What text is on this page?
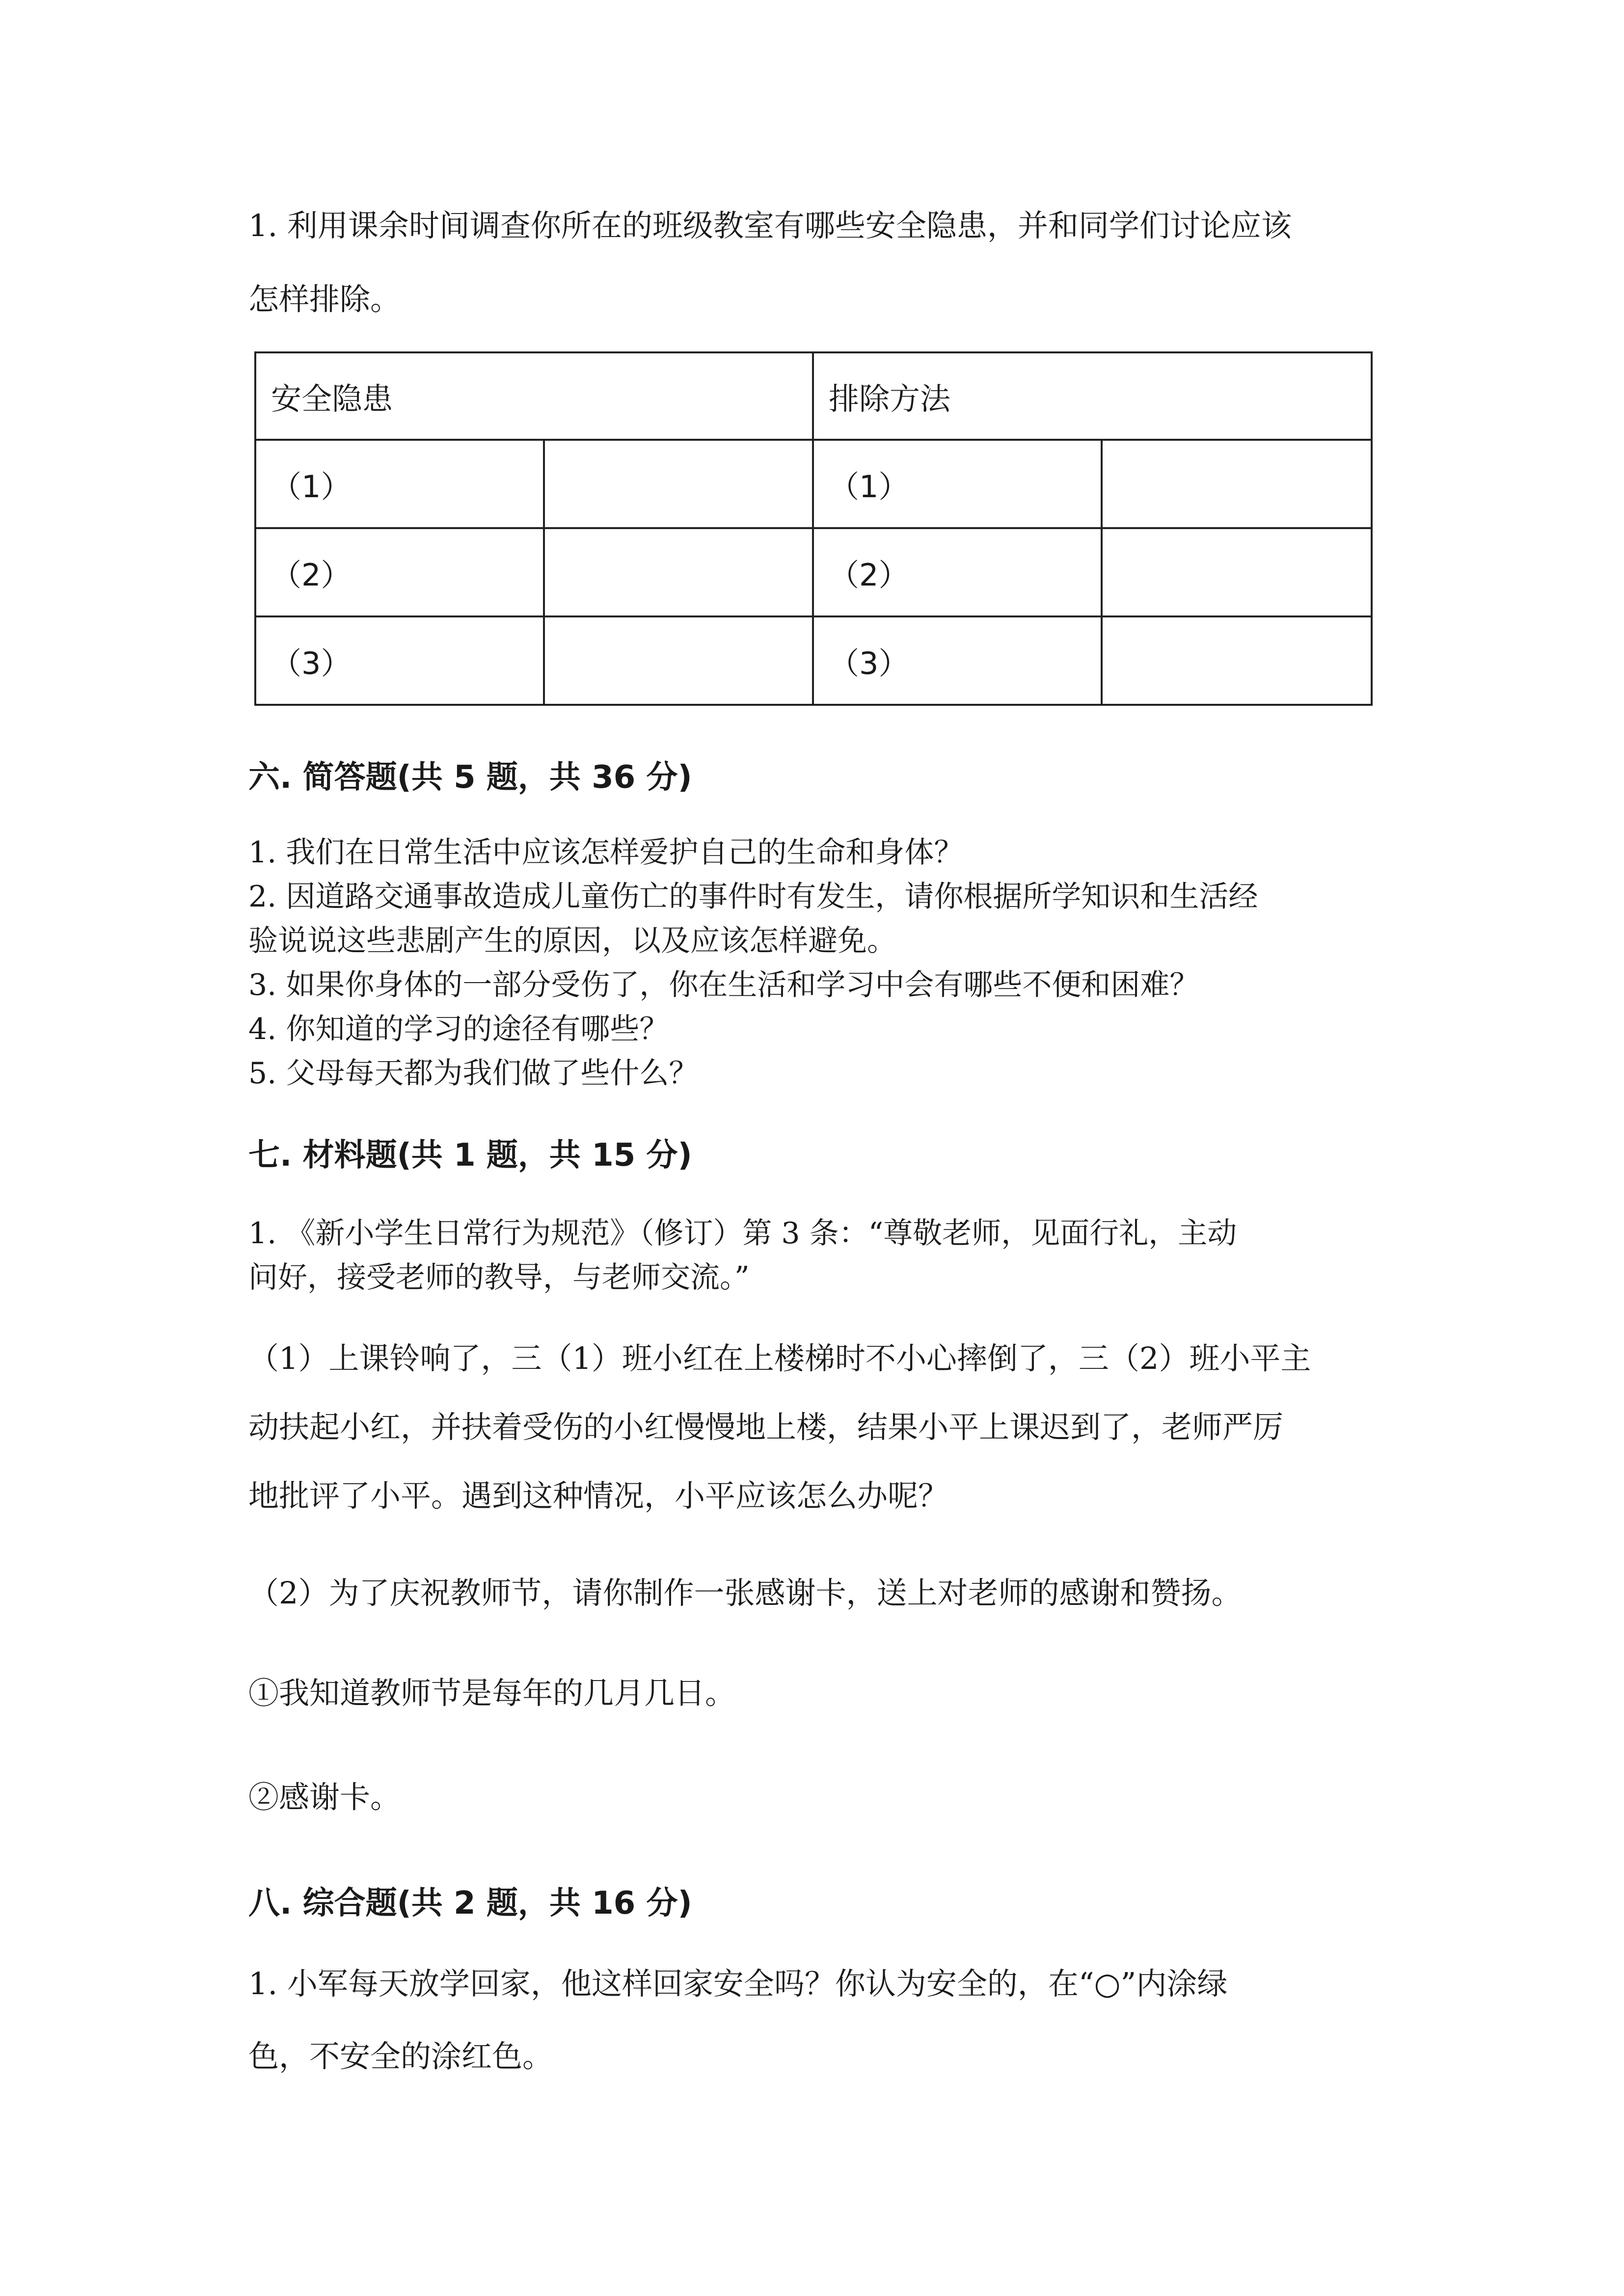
1. 利用课余时间调查你所在的班级教室有哪些安全隐患，并和同学们讨论应该

怎样排除。

安全隐患		排除方法	
（1）		（1）	
（2）		（2）	
（3）		（3）	

六. 简答题(共 5 题，共 36 分)

1. 我们在日常生活中应该怎样爱护自己的生命和身体？
2. 因道路交通事故造成儿童伤亡的事件时有发生，请你根据所学知识和生活经
验说说这些悲剧产生的原因，以及应该怎样避免。
3. 如果你身体的一部分受伤了，你在生活和学习中会有哪些不便和困难？
4. 你知道的学习的途径有哪些？
5. 父母每天都为我们做了些什么？

七. 材料题(共 1 题，共 15 分)

1. 《新小学生日常行为规范》（修订）第 3 条：“尊敬老师，见面行礼，主动
问好，接受老师的教导，与老师交流。”

（1）上课铃响了，三（1）班小红在上楼梯时不小心摔倒了，三（2）班小平主

动扶起小红，并扶着受伤的小红慢慢地上楼，结果小平上课迟到了，老师严厉

地批评了小平。遇到这种情况，小平应该怎么办呢？

（2）为了庆祝教师节，请你制作一张感谢卡，送上对老师的感谢和赞扬。

①我知道教师节是每年的几月几日。

②感谢卡。

八. 综合题(共 2 题，共 16 分)

1. 小军每天放学回家，他这样回家安全吗？你认为安全的，在“○”内涂绿

色，不安全的涂红色。
